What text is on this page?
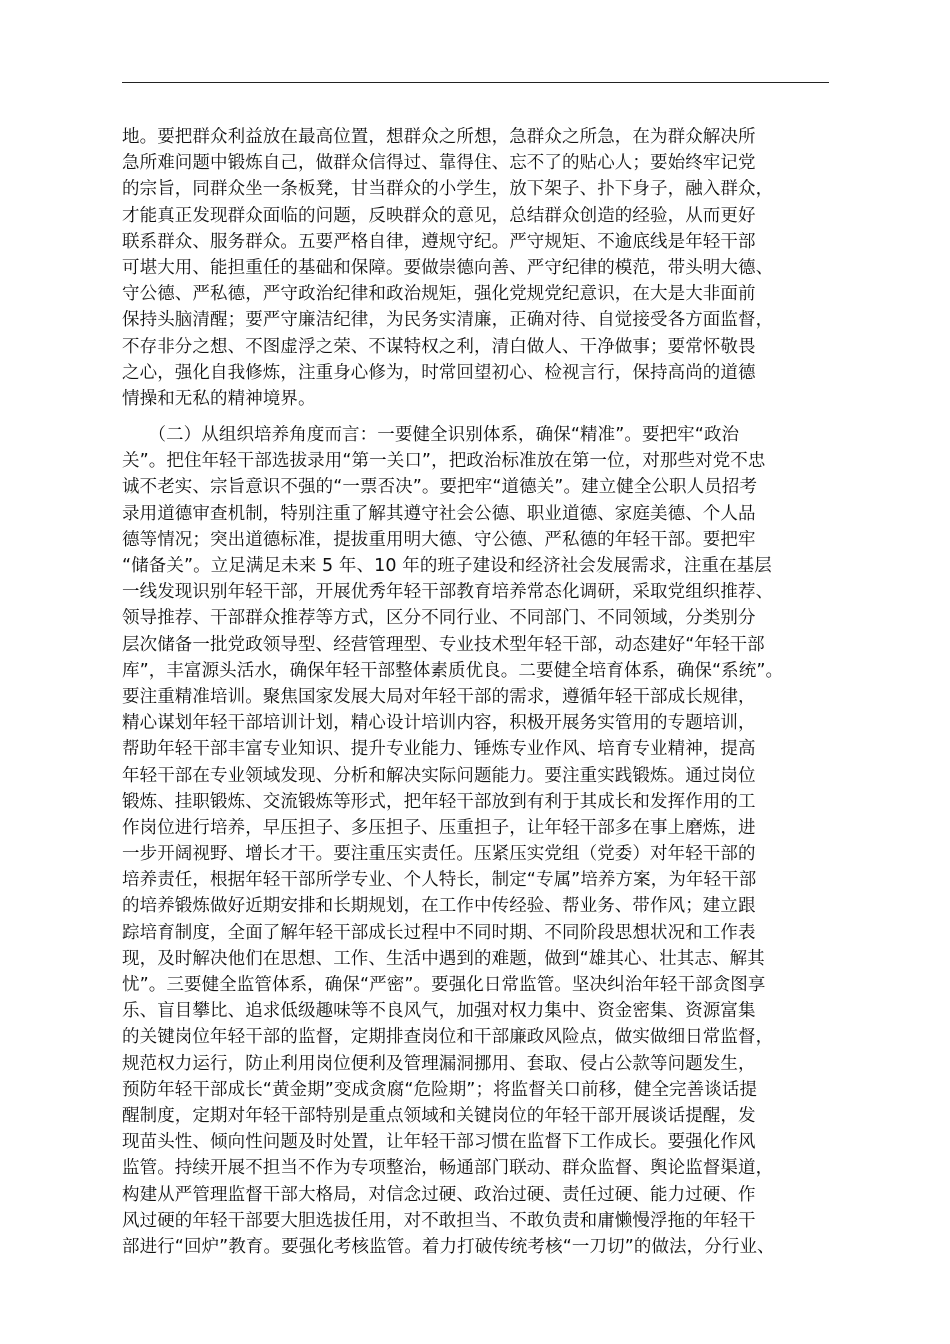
地。要把群众利益放在最高位置，想群众之所想，急群众之所急，在为群众解决所
急所难问题中锻炼自己，做群众信得过、靠得住、忘不了的贴心人；要始终牢记党
的宗旨，同群众坐一条板凳，甘当群众的小学生，放下架子、扑下身子，融入群众，
才能真正发现群众面临的问题，反映群众的意见，总结群众创造的经验，从而更好
联系群众、服务群众。五要严格自律，遵规守纪。严守规矩、不逾底线是年轻干部
可堪大用、能担重任的基础和保障。要做崇德向善、严守纪律的模范，带头明大德、
守公德、严私德，严守政治纪律和政治规矩，强化党规党纪意识，在大是大非面前
保持头脑清醒；要严守廉洁纪律，为民务实清廉，正确对待、自觉接受各方面监督，
不存非分之想、不图虚浮之荣、不谋特权之利，清白做人、干净做事；要常怀敬畏
之心，强化自我修炼，注重身心修为，时常回望初心、检视言行，保持高尚的道德
情操和无私的精神境界。
　　（二）从组织培养角度而言：一要健全识别体系，确保“精准”。要把牢“政治
关”。把住年轻干部选拔录用“第一关口”，把政治标准放在第一位，对那些对党不忠
诚不老实、宗旨意识不强的“一票否决”。要把牢“道德关”。建立健全公职人员招考
录用道德审查机制，特别注重了解其遵守社会公德、职业道德、家庭美德、个人品
德等情况；突出道德标准，提拔重用明大德、守公德、严私德的年轻干部。要把牢
“储备关”。立足满足未来 5 年、10 年的班子建设和经济社会发展需求，注重在基层
一线发现识别年轻干部，开展优秀年轻干部教育培养常态化调研，采取党组织推荐、
领导推荐、干部群众推荐等方式，区分不同行业、不同部门、不同领域，分类别分
层次储备一批党政领导型、经营管理型、专业技术型年轻干部，动态建好“年轻干部
库”，丰富源头活水，确保年轻干部整体素质优良。二要健全培育体系，确保“系统”。
要注重精准培训。聚焦国家发展大局对年轻干部的需求，遵循年轻干部成长规律，
精心谋划年轻干部培训计划，精心设计培训内容，积极开展务实管用的专题培训，
帮助年轻干部丰富专业知识、提升专业能力、锤炼专业作风、培育专业精神，提高
年轻干部在专业领域发现、分析和解决实际问题能力。要注重实践锻炼。通过岗位
锻炼、挂职锻炼、交流锻炼等形式，把年轻干部放到有利于其成长和发挥作用的工
作岗位进行培养，早压担子、多压担子、压重担子，让年轻干部多在事上磨炼，进
一步开阔视野、增长才干。要注重压实责任。压紧压实党组（党委）对年轻干部的
培养责任，根据年轻干部所学专业、个人特长，制定“专属”培养方案，为年轻干部
的培养锻炼做好近期安排和长期规划，在工作中传经验、帮业务、带作风；建立跟
踪培育制度，全面了解年轻干部成长过程中不同时期、不同阶段思想状况和工作表
现，及时解决他们在思想、工作、生活中遇到的难题，做到“雄其心、壮其志、解其
忧”。三要健全监管体系，确保“严密”。要强化日常监管。坚决纠治年轻干部贪图享
乐、盲目攀比、追求低级趣味等不良风气，加强对权力集中、资金密集、资源富集
的关键岗位年轻干部的监督，定期排查岗位和干部廉政风险点，做实做细日常监督，
规范权力运行，防止利用岗位便利及管理漏洞挪用、套取、侵占公款等问题发生，
预防年轻干部成长“黄金期”变成贪腐“危险期”；将监督关口前移，健全完善谈话提
醒制度，定期对年轻干部特别是重点领域和关键岗位的年轻干部开展谈话提醒，发
现苗头性、倾向性问题及时处置，让年轻干部习惯在监督下工作成长。要强化作风
监管。持续开展不担当不作为专项整治，畅通部门联动、群众监督、舆论监督渠道，
构建从严管理监督干部大格局，对信念过硬、政治过硬、责任过硬、能力过硬、作
风过硬的年轻干部要大胆选拔任用，对不敢担当、不敢负责和庸懒慢浮拖的年轻干
部进行“回炉”教育。要强化考核监管。着力打破传统考核“一刀切”的做法，分行业、
